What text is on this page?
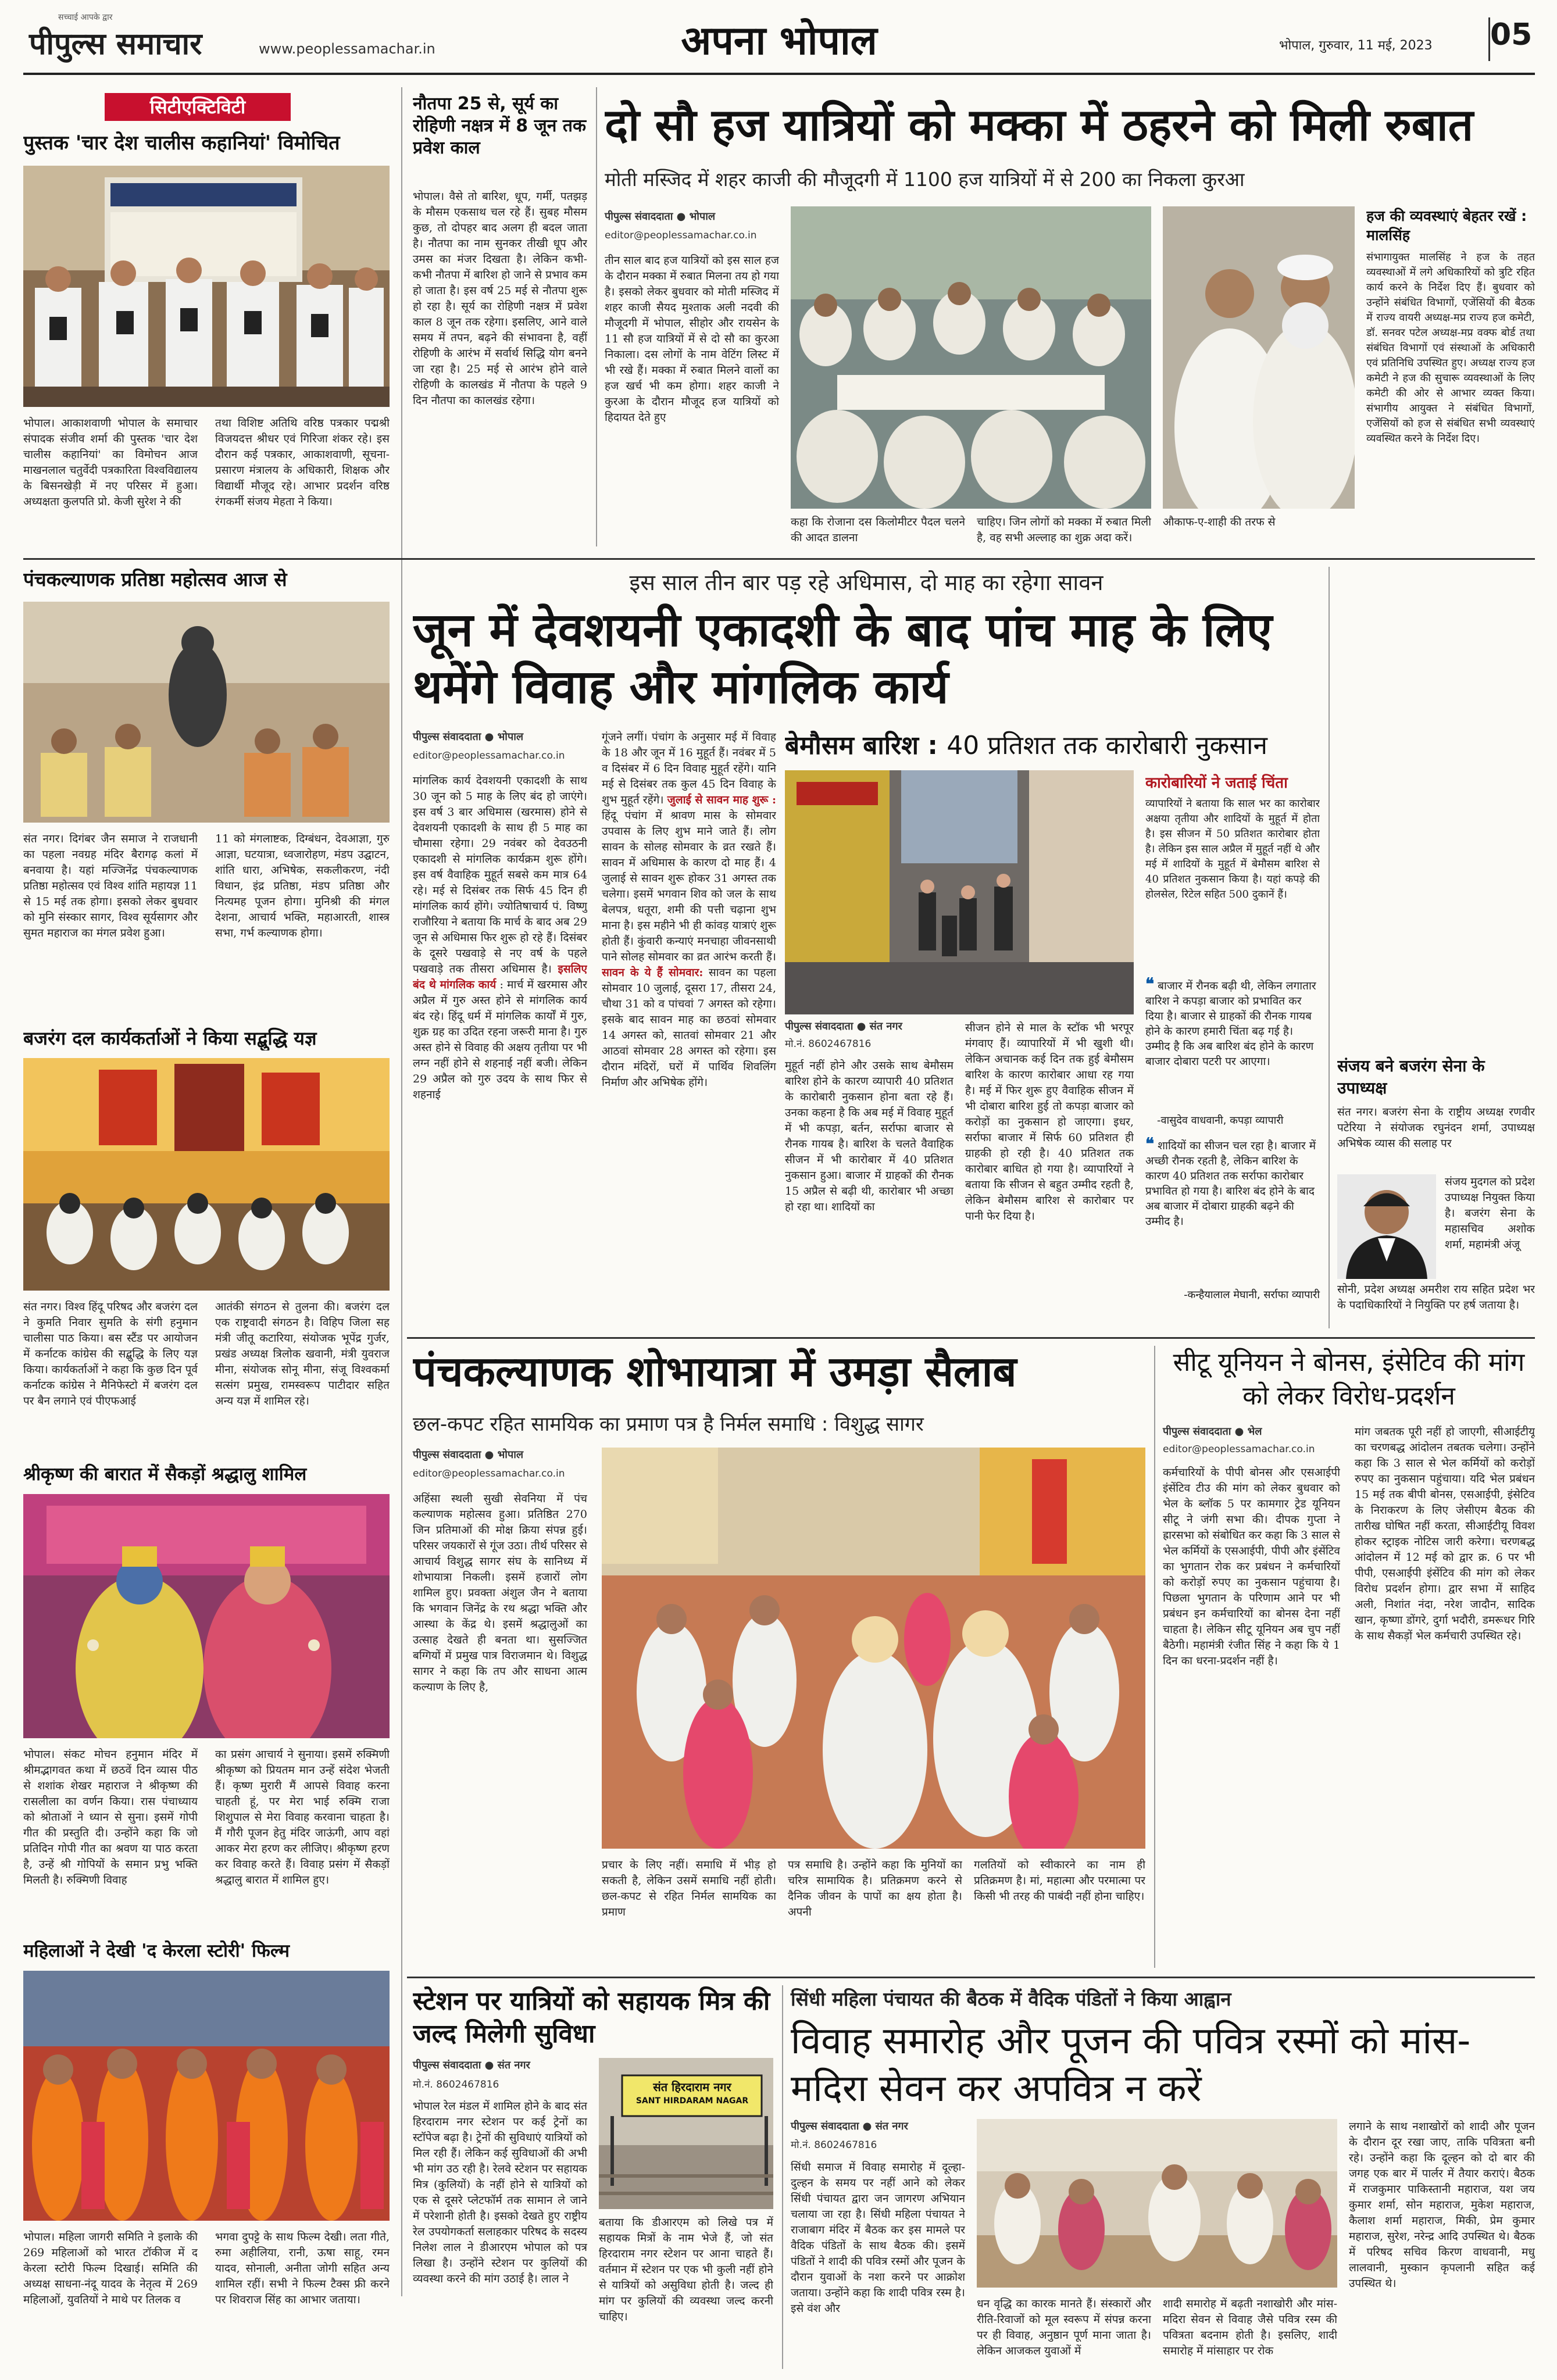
सच्चाई आपके द्वार
पीपुल्स समाचार	www.peoplessamachar.in	अपना भोपाल	भोपाल, गुरुवार, 11 मई, 2023 05
सिटीएक्टिविटी
पुस्तक 'चार देश चालीस कहानियां' विमोचित
भोपाल। आकाशवाणी भोपाल के समाचार संपादक संजीव शर्मा की पुस्तक 'चार देश चालीस कहानियां' का विमोचन आज माखनलाल चतुर्वेदी पत्रकारिता विश्वविद्यालय के बिसनखेड़ी में नए परिसर में हुआ। अध्यक्षता कुलपति प्रो. केजी सुरेश ने की
तथा विशिष्ट अतिथि वरिष्ठ पत्रकार पद्मश्री विजयदत्त श्रीधर एवं गिरिजा शंकर रहे। इस दौरान कई पत्रकार, आकाशवाणी, सूचना-प्रसारण मंत्रालय के अधिकारी, शिक्षक और विद्यार्थी मौजूद रहे। आभार प्रदर्शन वरिष्ठ रंगकर्मी संजय मेहता ने किया।
नौतपा 25 से, सूर्य का रोहिणी नक्षत्र में 8 जून तक प्रवेश काल
भोपाल। वैसे तो बारिश, धूप, गर्मी, पतझड़ के मौसम एकसाथ चल रहे हैं। सुबह मौसम कुछ, तो दोपहर बाद अलग ही बदल जाता है। नौतपा का नाम सुनकर तीखी धूप और उमस का मंजर दिखता है। लेकिन कभी-कभी नौतपा में बारिश हो जाने से प्रभाव कम हो जाता है। इस वर्ष 25 मई से नौतपा शुरू हो रहा है। सूर्य का रोहिणी नक्षत्र में प्रवेश काल 8 जून तक रहेगा। इसलिए, आने वाले समय में तपन, बढ़ने की संभावना है, वहीं रोहिणी के आरंभ में सर्वार्थ सिद्धि योग बनने जा रहा है। 25 मई से आरंभ होने वाले रोहिणी के कालखंड में नौतपा के पहले 9 दिन नौतपा का कालखंड रहेगा।
दो सौ हज यात्रियों को मक्का में ठहरने को मिली रुबात
मोती मस्जिद में शहर काजी की मौजूदगी में 1100 हज यात्रियों में से 200 का निकला कुरआ
पीपुल्स संवाददाता ● भोपाल
editor@peoplessamachar.co.in
तीन साल बाद हज यात्रियों को इस साल हज के दौरान मक्का में रुबात मिलना तय हो गया है। इसको लेकर बुधवार को मोती मस्जिद में शहर काजी सैयद मुश्ताक अली नदवी की मौजूदगी में भोपाल, सीहोर और रायसेन के 11 सौ हज यात्रियों में से दो सौ का कुरआ निकाला। दस लोगों के नाम वेटिंग लिस्ट में भी रखे हैं। मक्का में रुबात मिलने वालों का हज खर्च भी कम होगा। शहर काजी ने कुरआ के दौरान मौजूद हज यात्रियों को हिदायत देते हुए
कहा कि रोजाना दस किलोमीटर पैदल चलने की आदत डालना
चाहिए। जिन लोगों को मक्का में रुबात मिली है, वह सभी अल्लाह का शुक्र अदा करें।
औकाफ-ए-शाही की तरफ से
हज की व्यवस्थाएं बेहतर रखें : मालसिंह
संभागायुक्त मालसिंह ने हज के तहत व्यवस्थाओं में लगे अधिकारियों को त्रुटि रहित कार्य करने के निर्देश दिए हैं। बुधवार को उन्होंने संबंधित विभागों, एजेंसियों की बैठक में राज्य वायरी अध्यक्ष-मप्र राज्य हज कमेटी, डॉ. सनवर पटेल अध्यक्ष-मप्र वक्फ बोर्ड तथा संबंधित विभागों एवं संस्थाओं के अधिकारी एवं प्रतिनिधि उपस्थित हुए। अध्यक्ष राज्य हज कमेटी ने हज की सुचारू व्यवस्थाओं के लिए कमेटी की ओर से आभार व्यक्त किया। संभागीय आयुक्त ने संबंधित विभागों, एजेंसियों को हज से संबंधित सभी व्यवस्थाएं व्यवस्थित करने के निर्देश दिए।
पंचकल्याणक प्रतिष्ठा महोत्सव आज से
संत नगर। दिगंबर जैन समाज ने राजधानी का पहला नवग्रह मंदिर बैरागढ़ कलां में बनवाया है। यहां मज्जिनेंद्र पंचकल्याणक प्रतिष्ठा महोत्सव एवं विश्व शांति महायज्ञ 11 से 15 मई तक होगा। इसको लेकर बुधवार को मुनि संस्कार सागर, विश्व सूर्यसागर और सुमत महाराज का मंगल प्रवेश हुआ।
11 को मंगलाष्टक, दिग्बंधन, देवआज्ञा, गुरु आज्ञा, घटयात्रा, ध्वजारोहण, मंडप उद्घाटन, शांति धारा, अभिषेक, सकलीकरण, नंदी विधान, इंद्र प्रतिष्ठा, मंडप प्रतिष्ठा और नित्यमह पूजन होगा। मुनिश्री की मंगल देशना, आचार्य भक्ति, महाआरती, शास्त्र सभा, गर्भ कल्याणक होगा।
इस साल तीन बार पड़ रहे अधिमास, दो माह का रहेगा सावन
जून में देवशयनी एकादशी के बाद पांच माह के लिए थमेंगे विवाह और मांगलिक कार्य
पीपुल्स संवाददाता ● भोपाल
editor@peoplessamachar.co.in
मांगलिक कार्य देवशयनी एकादशी के साथ 30 जून को 5 माह के लिए बंद हो जाएंगे। इस वर्ष 3 बार अधिमास (खरमास) होने से देवशयनी एकादशी के साथ ही 5 माह का चौमासा रहेगा। 29 नवंबर को देवउठनी एकादशी से मांगलिक कार्यक्रम शुरू होंगे। इस वर्ष वैवाहिक मुहूर्त सबसे कम मात्र 64 रहे। मई से दिसंबर तक सिर्फ 45 दिन ही मांगलिक कार्य होंगे। ज्योतिषाचार्य पं. विष्णु राजौरिया ने बताया कि मार्च के बाद अब 29 जून से अधिमास फिर शुरू हो रहे हैं। दिसंबर के दूसरे पखवाड़े से नए वर्ष के पहले पखवाड़े तक तीसरा अधिमास है। इसलिए बंद थे मांगलिक कार्य : मार्च में खरमास और अप्रैल में गुरु अस्त होने से मांगलिक कार्य बंद रहे। हिंदू धर्म में मांगलिक कार्यों में गुरु, शुक्र ग्रह का उदित रहना जरूरी माना है। गुरु अस्त होने से विवाह की अक्षय तृतीया पर भी लग्न नहीं होने से शहनाई नहीं बजी। लेकिन 29 अप्रैल को गुरु उदय के साथ फिर से शहनाई
गूंजने लगीं। पंचांग के अनुसार मई में विवाह के 18 और जून में 16 मुहूर्त हैं। नवंबर में 5 व दिसंबर में 6 दिन विवाह मुहूर्त रहेंगे। यानि मई से दिसंबर तक कुल 45 दिन विवाह के शुभ मुहूर्त रहेंगे। जुलाई से सावन माह शुरू : हिंदू पंचांग में श्रावण मास के सोमवार उपवास के लिए शुभ माने जाते हैं। लोग सावन के सोलह सोमवार के व्रत रखते हैं। सावन में अधिमास के कारण दो माह हैं। 4 जुलाई से सावन शुरू होकर 31 अगस्त तक चलेगा। इसमें भगवान शिव को जल के साथ बेलपत्र, धतूरा, शमी की पत्ती चढ़ाना शुभ माना है। इस महीने भी ही कांवड़ यात्राएं शुरू होती हैं। कुंवारी कन्याएं मनचाहा जीवनसाथी पाने सोलह सोमवार का व्रत आरंभ करती हैं। सावन के ये हैं सोमवार: सावन का पहला सोमवार 10 जुलाई, दूसरा 17, तीसरा 24, चौथा 31 को व पांचवां 7 अगस्त को रहेगा। इसके बाद सावन माह का छठवां सोमवार 14 अगस्त को, सातवां सोमवार 21 और आठवां सोमवार 28 अगस्त को रहेगा। इस दौरान मंदिरों, घरों में पार्थिव शिवलिंग निर्माण और अभिषेक होंगे।
बेमौसम बारिश : 40 प्रतिशत तक कारोबारी नुकसान
पीपुल्स संवाददाता ● संत नगर
मो.नं. 8602467816
कारोबारियों ने जताई चिंता
व्यापारियों ने बताया कि साल भर का कारोबार अक्षया तृतीया और शादियों के मुहूर्त में होता है। इस सीजन में 50 प्रतिशत कारोबार होता है। लेकिन इस साल अप्रैल में मुहूर्त नहीं थे और मई में शादियों के मुहूर्त में बेमौसम बारिश से 40 प्रतिशत नुकसान किया है। यहां कपड़े की होलसेल, रिटेल सहित 500 दुकानें हैं।
❝ बाजार में रौनक बढ़ी थी, लेकिन लगातार बारिश ने कपड़ा बाजार को प्रभावित कर दिया है। बाजार से ग्राहकों की रौनक गायब होने के कारण हमारी चिंता बढ़ गई है। उम्मीद है कि अब बारिश बंद होने के कारण बाजार दोबारा पटरी पर आएगा।
-वासुदेव वाधवानी, कपड़ा व्यापारी
❝ शादियों का सीजन चल रहा है। बाजार में अच्छी रौनक रहती है, लेकिन बारिश के कारण 40 प्रतिशत तक सर्राफा कारोबार प्रभावित हो गया है। बारिश बंद होने के बाद अब बाजार में दोबारा ग्राहकी बढ़ने की उम्मीद है।
-कन्हैयालाल मेघानी, सर्राफा व्यापारी
मुहूर्त नहीं होने और उसके साथ बेमौसम बारिश होने के कारण व्यापारी 40 प्रतिशत के कारोबारी नुकसान होना बता रहे हैं। उनका कहना है कि अब मई में विवाह मुहूर्त में भी कपड़ा, बर्तन, सर्राफा बाजार से रौनक गायब है। बारिश के चलते वैवाहिक सीजन में भी कारोबार में 40 प्रतिशत नुकसान हुआ। बाजार में ग्राहकों की रौनक 15 अप्रैल से बढ़ी थी, कारोबार भी अच्छा हो रहा था। शादियों का
सीजन होने से माल के स्टॉक भी भरपूर मंगवाए हैं। व्यापारियों में भी खुशी थी। लेकिन अचानक कई दिन तक हुई बेमौसम बारिश के कारण कारोबार आधा रह गया है। मई में फिर शुरू हुए वैवाहिक सीजन में भी दोबारा बारिश हुई तो कपड़ा बाजार को करोड़ों का नुकसान हो जाएगा। इधर, सर्राफा बाजार में सिर्फ 60 प्रतिशत ही ग्राहकी हो रही है। 40 प्रतिशत तक कारोबार बाधित हो गया है। व्यापारियों ने बताया कि सीजन से बहुत उम्मीद रहती है, लेकिन बेमौसम बारिश से कारोबार पर पानी फेर दिया है।
संजय बने बजरंग सेना के उपाध्यक्ष
संत नगर। बजरंग सेना के राष्ट्रीय अध्यक्ष रणवीर पटेरिया ने संयोजक रघुनंदन शर्मा, उपाध्यक्ष अभिषेक व्यास की सलाह पर
संजय मुदगल को प्रदेश उपाध्यक्ष नियुक्त किया है। बजरंग सेना के महासचिव अशोक शर्मा, महामंत्री अंजू
सोनी, प्रदेश अध्यक्ष अमरीश राय सहित प्रदेश भर के पदाधिकारियों ने नियुक्ति पर हर्ष जताया है।
बजरंग दल कार्यकर्ताओं ने किया सद्बुद्धि यज्ञ
संत नगर। विश्व हिंदू परिषद और बजरंग दल ने कुमति निवार सुमति के संगी हनुमान चालीसा पाठ किया। बस स्टैंड पर आयोजन में कर्नाटक कांग्रेस की सद्बुद्धि के लिए यज्ञ किया। कार्यकर्ताओं ने कहा कि कुछ दिन पूर्व कर्नाटक कांग्रेस ने मैनिफेस्टो में बजरंग दल पर बैन लगाने एवं पीएफआई
आतंकी संगठन से तुलना की। बजरंग दल एक राष्ट्रवादी संगठन है। विहिप जिला सह मंत्री जीतू कटारिया, संयोजक भूपेंद्र गुर्जर, प्रखंड अध्यक्ष त्रिलोक खवानी, मंत्री युवराज मीना, संयोजक सोनू मीना, संजू विश्वकर्मा सत्संग प्रमुख, रामस्वरूप पाटीदार सहित अन्य यज्ञ में शामिल रहे।
पंचकल्याणक शोभायात्रा में उमड़ा सैलाब
छल-कपट रहित सामयिक का प्रमाण पत्र है निर्मल समाधि : विशुद्ध सागर
पीपुल्स संवाददाता ● भोपाल
editor@peoplessamachar.co.in
अहिंसा स्थली सुखी सेवनिया में पंच कल्याणक महोत्सव हुआ। प्रतिष्ठित 270 जिन प्रतिमाओं की मोक्ष क्रिया संपन्न हुई। परिसर जयकारों से गूंज उठा। तीर्थ परिसर से आचार्य विशुद्ध सागर संघ के सानिध्य में शोभायात्रा निकली। इसमें हजारों लोग शामिल हुए। प्रवक्ता अंशुल जैन ने बताया कि भगवान जिनेंद्र के रथ श्रद्धा भक्ति और आस्था के केंद्र थे। इसमें श्रद्धालुओं का उत्साह देखते ही बनता था। सुसज्जित बग्गियों में प्रमुख पात्र विराजमान थे। विशुद्ध सागर ने कहा कि तप और साधना आत्म कल्याण के लिए है,
प्रचार के लिए नहीं। समाधि में भीड़ हो सकती है, लेकिन उसमें समाधि नहीं होती। छल-कपट से रहित निर्मल सामयिक का प्रमाण
पत्र समाधि है। उन्होंने कहा कि मुनियों का चरित्र सामायिक है। प्रतिक्रमण करने से दैनिक जीवन के पापों का क्षय होता है। अपनी
गलतियों को स्वीकारने का नाम ही प्रतिक्रमण है। मां, महात्मा और परमात्मा पर किसी भी तरह की पाबंदी नहीं होना चाहिए।
सीटू यूनियन ने बोनस, इंसेटिव की मांग को लेकर विरोध-प्रदर्शन
पीपुल्स संवाददाता ● भेल
editor@peoplessamachar.co.in
कर्मचारियों के पीपी बोनस और एसआईपी इंसेंटिव टीउ की मांग को लेकर बुधवार को भेल के ब्लॉक 5 पर कामगार ट्रेड यूनियन सीटू ने जंगी सभा की। दीपक गुप्ता ने ह्रारसभा को संबोधित कर कहा कि 3 साल से भेल कर्मियों के एसआईपी, पीपी और इंसेंटिव का भुगतान रोक कर प्रबंधन ने कर्मचारियों को करोड़ों रुपए का नुकसान पहुंचाया है। पिछला भुगतान के परिणाम आने पर भी प्रबंधन इन कर्मचारियों का बोनस देना नहीं चाहता है। लेकिन सीटू यूनियन अब चुप नहीं बैठेगी। महामंत्री रंजीत सिंह ने कहा कि ये 1 दिन का धरना-प्रदर्शन नहीं है।
मांग जबतक पूरी नहीं हो जाएगी, सीआईटीयू का चरणबद्ध आंदोलन तबतक चलेगा। उन्होंने कहा कि 3 साल से भेल कर्मियों को करोड़ों रुपए का नुकसान पहुंचाया। यदि भेल प्रबंधन 15 मई तक बीपी बोनस, एसआईपी, इंसेटिव के निराकरण के लिए जेसीएम बैठक की तारीख घोषित नहीं करता, सीआईटीयू विवश होकर स्ट्राइक नोटिस जारी करेगा। चरणबद्ध आंदोलन में 12 मई को द्वार क्र. 6 पर भी पीपी, एसआईपी इंसेंटिव की मांग को लेकर विरोध प्रदर्शन होगा। द्वार सभा में साहिद अली, निशांत नंदा, नरेश जादौन, सादिक खान, कृष्णा डोंगरे, दुर्गा भदौरी, डमरूधर गिरि के साथ सैकड़ों भेल कर्मचारी उपस्थित रहे।
श्रीकृष्ण की बारात में सैकड़ों श्रद्धालु शामिल
भोपाल। संकट मोचन हनुमान मंदिर में श्रीमद्भागवत कथा में छठवें दिन व्यास पीठ से शशांक शेखर महाराज ने श्रीकृष्ण की रासलीला का वर्णन किया। रास पंचाध्याय को श्रोताओं ने ध्यान से सुना। इसमें गोपी गीत की प्रस्तुति दी। उन्होंने कहा कि जो प्रतिदिन गोपी गीत का श्रवण या पाठ करता है, उन्हें श्री गोपियों के समान प्रभु भक्ति मिलती है। रुक्मिणी विवाह
का प्रसंग आचार्य ने सुनाया। इसमें रुक्मिणी श्रीकृष्ण को प्रियतम मान उन्हें संदेश भेजती हैं। कृष्ण मुरारी मैं आपसे विवाह करना चाहती हूं, पर मेरा भाई रुक्मि राजा शिशुपाल से मेरा विवाह करवाना चाहता है। मैं गौरी पूजन हेतु मंदिर जाऊंगी, आप वहां आकर मेरा हरण कर लीजिए। श्रीकृष्ण हरण कर विवाह करते हैं। विवाह प्रसंग में सैकड़ों श्रद्धालु बारात में शामिल हुए।
महिलाओं ने देखी 'द केरला स्टोरी' फिल्म
भोपाल। महिला जागरी समिति ने इलाके की 269 महिलाओं को भारत टॉकीज में द केरला स्टोरी फिल्म दिखाई। समिति की अध्यक्ष साधना-नंदू यादव के नेतृत्व में 269 महिलाओं, युवतियों ने माथे पर तिलक व
भगवा दुपट्टे के साथ फिल्म देखी। लता गीते, रुमा अहीलिया, रानी, ऊषा साहू, रमन यादव, सोनाली, अनीता जोगी सहित अन्य शामिल रहीं। सभी ने फिल्म टैक्स फ्री करने पर शिवराज सिंह का आभार जताया।
स्टेशन पर यात्रियों को सहायक मित्र की जल्द मिलेगी सुविधा
पीपुल्स संवाददाता ● संत नगर
मो.नं. 8602467816
भोपाल रेल मंडल में शामिल होने के बाद संत हिरदाराम नगर स्टेशन पर कई ट्रेनों का स्टॉपेज बढ़ा है। ट्रेनों की सुविधाएं यात्रियों को मिल रही हैं। लेकिन कई सुविधाओं की अभी भी मांग उठ रही है। रेलवे स्टेशन पर सहायक मित्र (कुलियों) के नहीं होने से यात्रियों को एक से दूसरे प्लेटफॉर्म तक सामान ले जाने में परेशानी होती है। इसको देखते हुए राष्ट्रीय रेल उपयोगकर्ता सलाहकार परिषद के सदस्य निलेश लाल ने डीआरएम भोपाल को पत्र लिखा है। उन्होंने स्टेशन पर कुलियों की व्यवस्था करने की मांग उठाई है। लाल ने
संत हिरदाराम नगर
SANT HIRDARAM NAGAR
बताया कि डीआरएम को लिखे पत्र में सहायक मित्रों के नाम भेजे हैं, जो संत हिरदाराम नगर स्टेशन पर आना चाहते हैं। वर्तमान में स्टेशन पर एक भी कुली नहीं होने से यात्रियों को असुविधा होती है। जल्द ही मांग पर कुलियों की व्यवस्था जल्द करनी चाहिए।
सिंधी महिला पंचायत की बैठक में वैदिक पंडितों ने किया आह्वान
विवाह समारोह और पूजन की पवित्र रस्मों को मांस-मदिरा सेवन कर अपवित्र न करें
पीपुल्स संवाददाता ● संत नगर
मो.नं. 8602467816
सिंधी समाज में विवाह समारोह में दूल्हा-दुल्हन के समय पर नहीं आने को लेकर सिंधी पंचायत द्वारा जन जागरण अभियान चलाया जा रहा है। सिंधी महिला पंचायत ने राजाबाग मंदिर में बैठक कर इस मामले पर वैदिक पंडितों के साथ बैठक की। इसमें पंडितों ने शादी की पवित्र रस्मों और पूजन के दौरान युवाओं के नशा करने पर आक्रोश जताया। उन्होंने कहा कि शादी पवित्र रस्म है। इसे वंश और	धन वृद्धि का कारक मानते हैं। संस्कारों और रीति-रिवाजों को मूल स्वरूप में संपन्न करना पर ही विवाह, अनुष्ठान पूर्ण माना जाता है। लेकिन आजकल युवाओं में
शादी समारोह में बढ़ती नशाखोरी और मांस-मदिरा सेवन से विवाह जैसे पवित्र रस्म की पवित्रता बदनाम होती है। इसलिए, शादी समारोह में मांसाहार पर रोक
लगाने के साथ नशाखोरों को शादी और पूजन के दौरान दूर रखा जाए, ताकि पवित्रता बनी रहे। उन्होंने कहा कि दूल्हन को दो बार की जगह एक बार में पार्लर में तैयार कराएं। बैठक में राजकुमार पाकिस्तानी महाराज, यश जय कुमार शर्मा, सोन महाराज, मुकेश महाराज, कैलाश शर्मा महाराज, मिकी, प्रेम कुमार महाराज, सुरेश, नरेन्द्र आदि उपस्थित थे। बैठक में परिषद सचिव किरण वाधवानी, मधु लालवानी, मुस्कान कृपलानी सहित कई उपस्थित थे।
